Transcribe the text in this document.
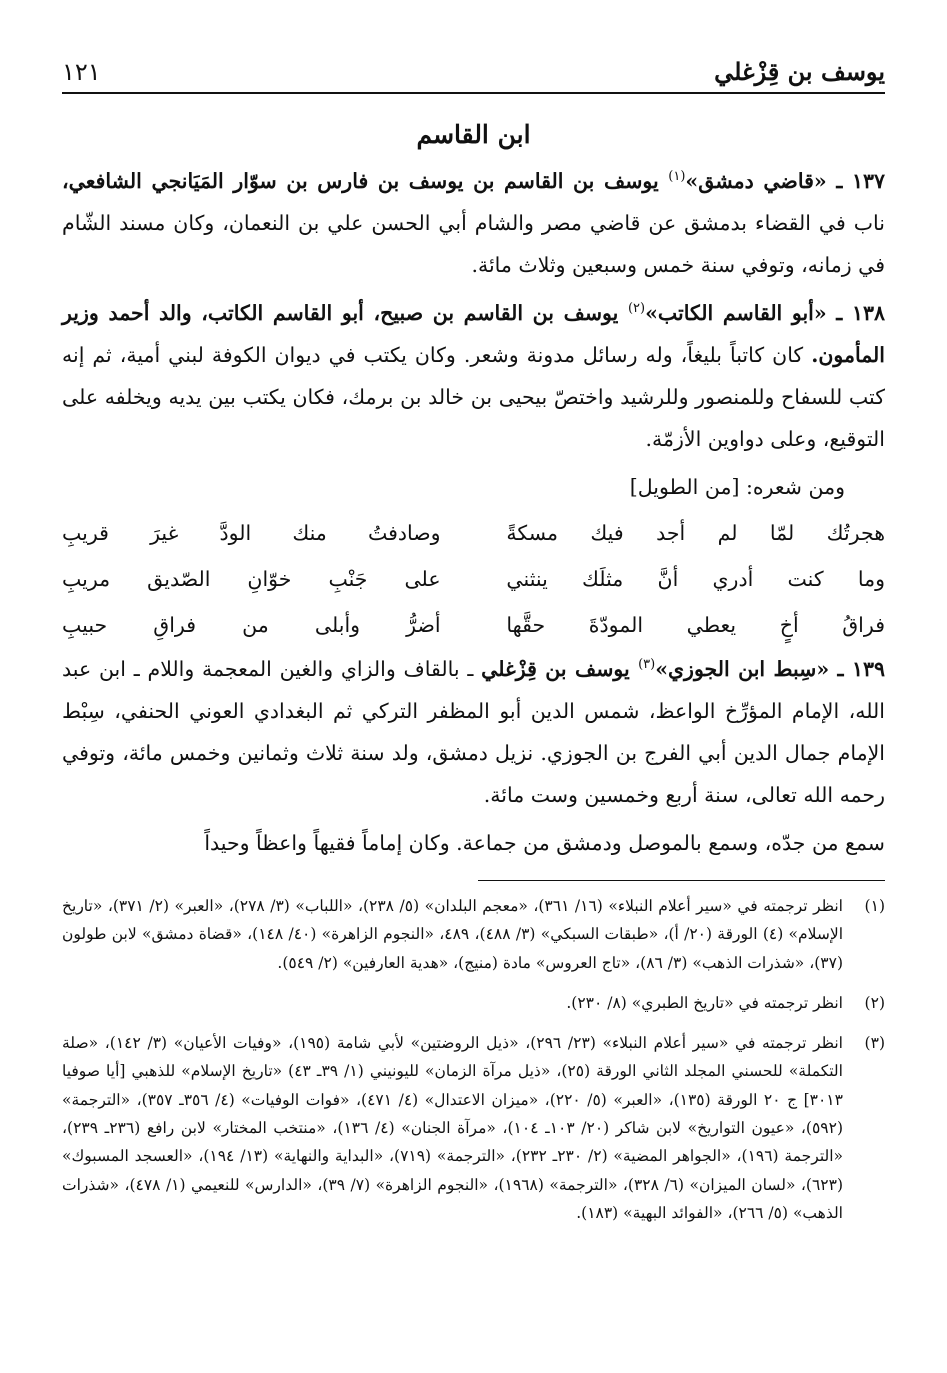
يوسف بن قِزْغلي
١٢١
ابن القاسم

١٣٧ ـ «قاضي دمشق»$^{(١)}$ يوسف بن القاسم بن يوسف بن فارس بن سوّار المَيَانجي الشافعي، ناب في القضاء بدمشق عن قاضي مصر والشام أبي الحسن علي بن النعمان، وكان مسند الشّام في زمانه، وتوفي سنة خمس وسبعين وثلاث مائة.

١٣٨ ـ «أبو القاسم الكاتب»$^{(٢)}$ يوسف بن القاسم بن صبيح، أبو القاسم الكاتب، والد أحمد وزير المأمون. كان كاتباً بليغاً، وله رسائل مدونة وشعر. وكان يكتب في ديوان الكوفة لبني أمية، ثم إنه كتب للسفاح وللمنصور وللرشيد واختصّ بيحيى بن خالد بن برمك، فكان يكتب بين يديه ويخلفه على التوقيع، وعلى دواوين الأزمّة.

ومن شعره: [من الطويل]
هجرتُك لمّا لم أجد فيك مسكةً
وصادفتُ منك الودَّ غيرَ قريبِ
وما كنت أدري أنَّ مثلَك ينثني
على جَنْبِ خوّانِ الصّديق مريبِ
فراقُ أخٍ يعطي المودّةَ حقَّها
أضرُّ وأبلى من فراقِ حبيبِ

١٣٩ ـ «سِبط ابن الجوزي»$^{(٣)}$ يوسف بن قِزْغلي ـ بالقاف والزاي والغين المعجمة واللام ـ ابن عبد الله، الإمام المؤرِّخ الواعظ، شمس الدين أبو المظفر التركي ثم البغدادي العوني الحنفي، سِبْط الإمام جمال الدين أبي الفرج بن الجوزي. نزيل دمشق، ولد سنة ثلاث وثمانين وخمس مائة، وتوفي رحمه الله تعالى، سنة أربع وخمسين وست مائة.

سمع من جدّه، وسمع بالموصل ودمشق من جماعة. وكان إماماً فقيهاً واعظاً وحيداً

(١)
انظر ترجمته في «سير أعلام النبلاء» (١٦/ ٣٦١)، «معجم البلدان» (٥/ ٢٣٨)، «اللباب» (٣/ ٢٧٨)، «العبر» (٢/ ٣٧١)، «تاريخ الإسلام» (٤) الورقة (٢٠/ أ)، «طبقات السبكي» (٣/ ٤٨٨)، ٤٨٩، «النجوم الزاهرة» (٤٠/ ١٤٨)، «قضاة دمشق» لابن طولون (٣٧)، «شذرات الذهب» (٣/ ٨٦)، «تاج العروس» مادة (منيج)، «هدية العارفين» (٢/ ٥٤٩).
(٢)
انظر ترجمته في «تاريخ الطبري» (٨/ ٢٣٠).
(٣)
انظر ترجمته في «سير أعلام النبلاء» (٢٣/ ٢٩٦)، «ذيل الروضتين» لأبي شامة (١٩٥)، «وفيات الأعيان» (٣/ ١٤٢)، «صلة التكملة» للحسني المجلد الثاني الورقة (٢٥)، «ذيل مرآة الزمان» لليونيني (١/ ٣٩ـ ٤٣) «تاريخ الإسلام» للذهبي [أيا صوفيا ٣٠١٣] ج ٢٠ الورقة (١٣٥)، «العبر» (٥/ ٢٢٠)، «ميزان الاعتدال» (٤/ ٤٧١)، «فوات الوفيات» (٤/ ٣٥٦ـ ٣٥٧)، «الترجمة» (٥٩٢)، «عيون التواريخ» لابن شاكر (٢٠/ ١٠٣ـ ١٠٤)، «مرآة الجنان» (٤/ ١٣٦)، «منتخب المختار» لابن رافع (٢٣٦ـ ٢٣٩)، «الترجمة (١٩٦)، «الجواهر المضية» (٢/ ٢٣٠ـ ٢٣٢)، «الترجمة» (٧١٩)، «البداية والنهاية» (١٣/ ١٩٤)، «العسجد المسبوك» (٦٢٣)، «لسان الميزان» (٦/ ٣٢٨)، «الترجمة» (١٩٦٨)، «النجوم الزاهرة» (٧/ ٣٩)، «الدارس» للنعيمي (١/ ٤٧٨)، «شذرات الذهب» (٥/ ٢٦٦)، «الفوائد البهية» (١٨٣).
